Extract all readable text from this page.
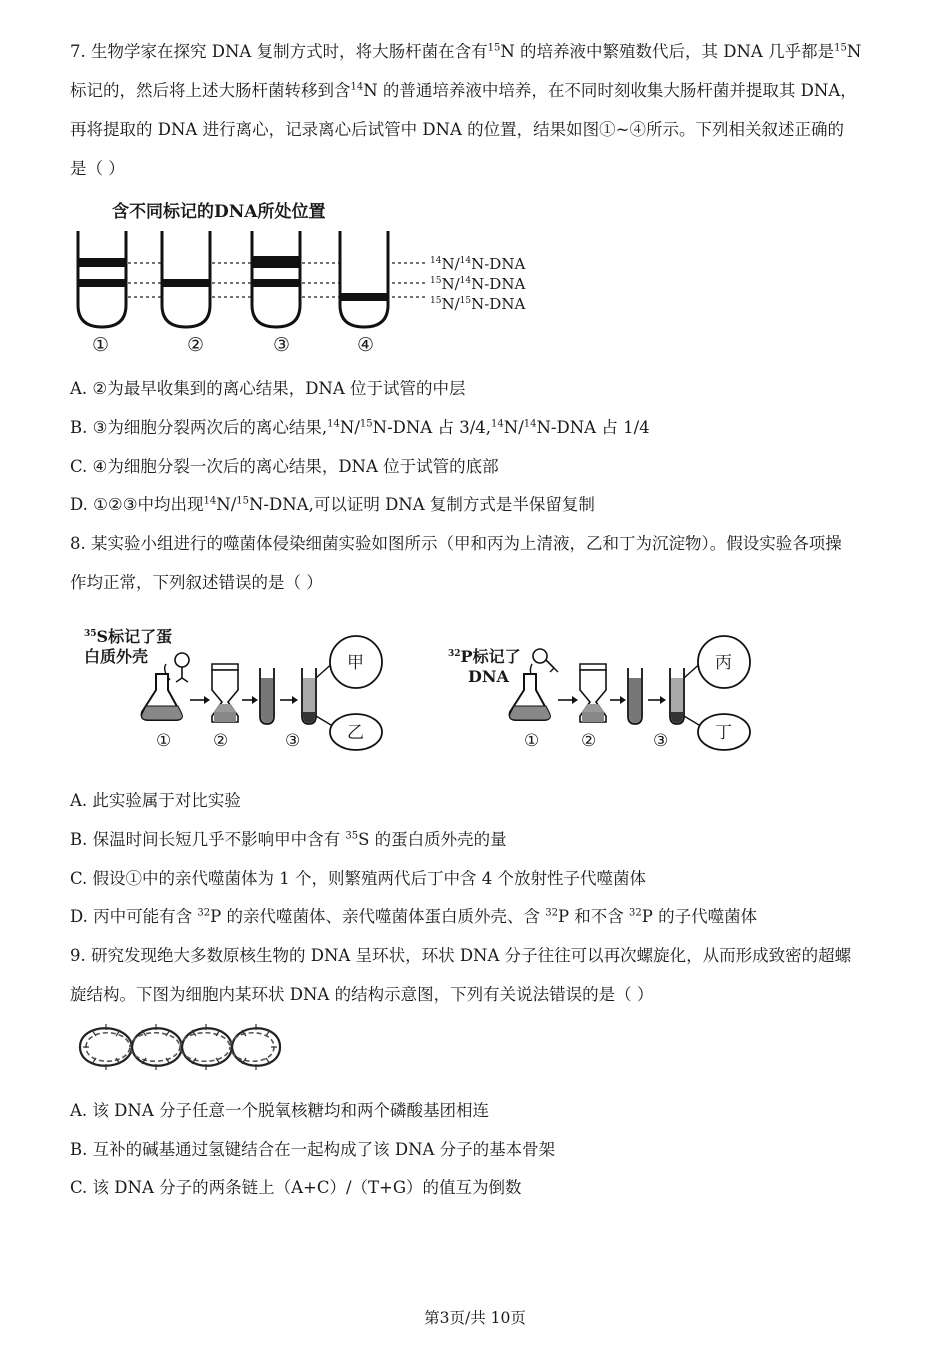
7. 生物学家在探究 DNA 复制方式时，将大肠杆菌在含有$^{15}$N 的培养液中繁殖数代后，其 DNA 几乎都是$^{15}$N
标记的，然后将上述大肠杆菌转移到含$^{14}$N 的普通培养液中培养，在不同时刻收集大肠杆菌并提取其 DNA，
再将提取的 DNA 进行离心，记录离心后试管中 DNA 的位置，结果如图①~④所示。下列相关叙述正确的
是（ ）
含不同标记的DNA所处位置
$^{14}$N/$^{14}$N-DNA
$^{15}$N/$^{14}$N-DNA
$^{15}$N/$^{15}$N-DNA
①	②	③	④
A. ②为最早收集到的离心结果，DNA 位于试管的中层
B. ③为细胞分裂两次后的离心结果,$^{14}$N/$^{15}$N-DNA 占 3/4,14N/$^{14}$N-DNA 占 1/4
C. ④为细胞分裂一次后的离心结果，DNA 位于试管的底部
D. ①②③中均出现$^{14}$N/$^{15}$N-DNA,可以证明 DNA 复制方式是半保留复制
8. 某实验小组进行的噬菌体侵染细菌实验如图所示（甲和丙为上清液，乙和丁为沉淀物）。假设实验各项操
作均正常，下列叙述错误的是（ ）
$^{35}$S标记了蛋
白质外壳	甲
乙
① ②	③
$^{32}$P标记了
DNA
丙
丁
① ②	③
A. 此实验属于对比实验
B. 保温时间长短几乎不影响甲中含有 $^{35}$S 的蛋白质外壳的量
C. 假设①中的亲代噬菌体为 1 个，则繁殖两代后丁中含 4 个放射性子代噬菌体
D. 丙中可能有含 $^{32}$P 的亲代噬菌体、亲代噬菌体蛋白质外壳、含 $^{32}$P 和不含 $^{32}$P 的子代噬菌体
9. 研究发现绝大多数原核生物的 DNA 呈环状，环状 DNA 分子往往可以再次螺旋化，从而形成致密的超螺
旋结构。下图为细胞内某环状 DNA 的结构示意图，下列有关说法错误的是（ ）
A. 该 DNA 分子任意一个脱氧核糖均和两个磷酸基团相连
B. 互补的碱基通过氢键结合在一起构成了该 DNA 分子的基本骨架
C. 该 DNA 分子的两条链上（A+C）/（T+G）的值互为倒数
第3页/共 10页
